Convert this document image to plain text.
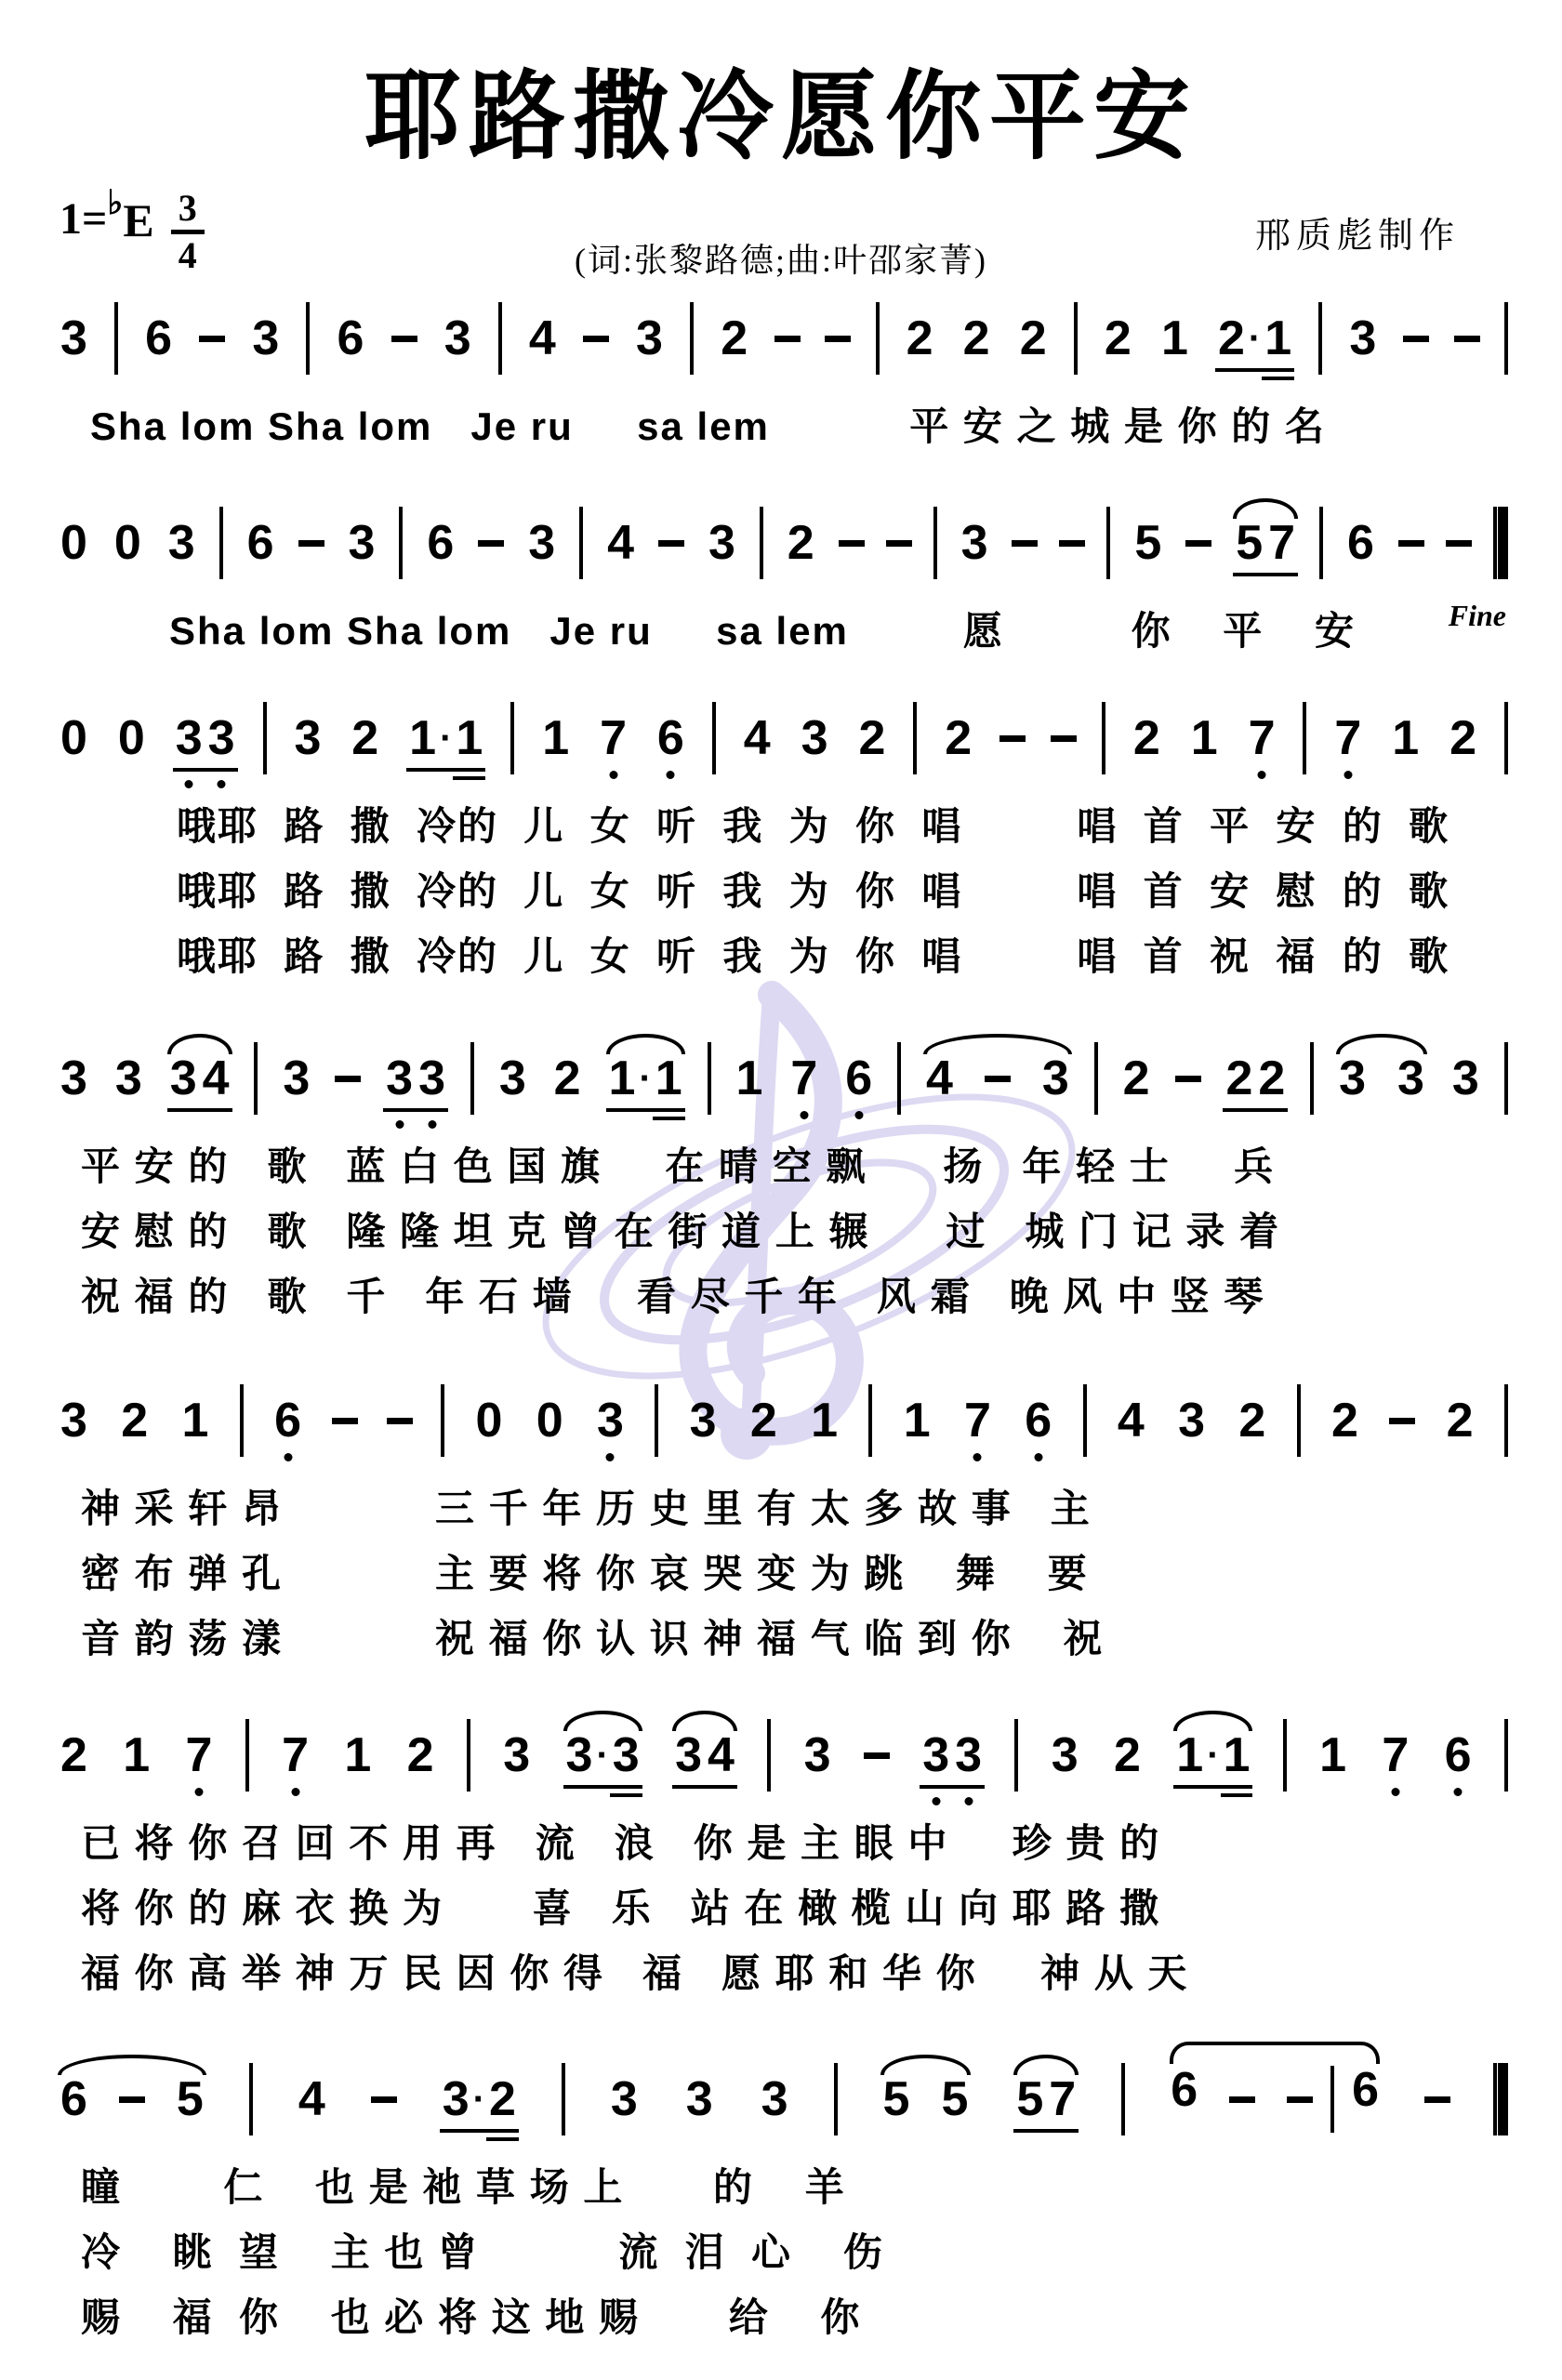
耶路撒冷愿你平安
1= ♭ E $\frac{3}{4}$	(词:张黎路德;曲:叶邵家菁)
邢质彪制作
3 6 3 6 3 4 3 2	2 2 2 2 1 2 · 1 3
Sha lom Sha lom   Je ru     sa lem           平 安 之 城 是 你 的 名
0 0 3 6 3 6 3 4 3 2	3	5 5 7 6
Sha lom Sha lom   Je ru     sa lem         愿          你    平    安	Fine
0 0 3 3 3 2 1 · 1 1 7 6 4 3 2 2	2 1 7 7 1 2
哦耶  路  撒  冷的  儿  女  听  我  为  你  唱         唱  首  平  安  的  歌
哦耶  路  撒  冷的  儿  女  听  我  为  你  唱         唱  首  安  慰  的  歌
哦耶  路  撒  冷的  儿  女  听  我  为  你  唱         唱  首  祝  福  的  歌
3 3 3 4 3 3 3 3 2 1 · 1 1 7 6 4 3 2 2 2 3 3 3
平 安 的   歌   蓝 白 色 国 旗     在 晴 空 飘      扬   年 轻 士     兵
安 慰 的   歌   隆 隆 坦 克 曾 在 街 道 上 辗      过   城 门 记 录 着
祝 福 的   歌   千   年 石 墙     看 尽 千 年   风 霜   晚 风 中 竖 琴
3 2 1 6	0 0 3 3 2 1 1 7 6 4 3 2 2 2
神 采 轩 昂            三 千 年 历 史 里 有 太 多 故 事   主
密 布 弹 孔            主 要 将 你 哀 哭 变 为 跳    舞    要
音 韵 荡 漾            祝 福 你 认 识 神 福 气 临 到 你    祝
2 1 7 7 1 2 3 3 · 3 3 4 3 3 3 3 2 1 · 1 1 7 6
已 将 你 召 回 不 用 再   流   浪   你 是 主 眼 中     珍 贵 的
将 你 的 麻 衣 换 为       喜   乐   站 在 橄 榄 山 向 耶 路 撒
福 你 高 举 神 万 民 因 你 得   福   愿 耶 和 华 你     神 从 天
6 5 4 3 · 2 3 3 3 5 5 5 7 6	6
瞳        仁    也 是 祂 草 场 上       的    羊
冷    眺  望    主 也 曾           流  泪  心    伤
赐    福  你    也 必 将 这 地 赐       给    你
